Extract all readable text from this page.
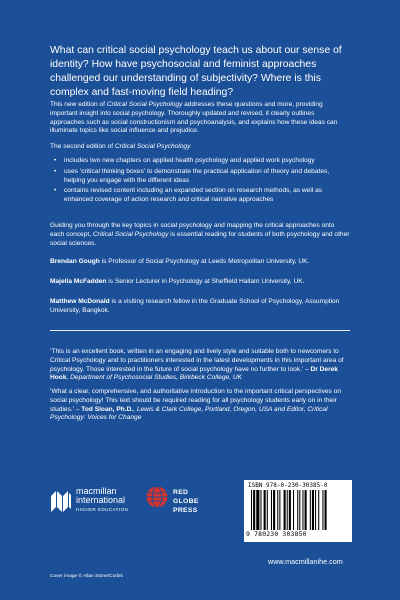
What can critical social psychology teach us about our sense of identity? How have psychosocial and feminist approaches challenged our understanding of subjectivity? Where is this complex and fast-moving field heading?
This new edition of Critical Social Psychology addresses these questions and more, providing important insight into social psychology. Thoroughly updated and revised, it clearly outlines approaches such as social constructionism and psychoanalysis, and explains how these ideas can illuminate topics like social influence and prejudice.
The second edition of Critical Social Psychology
• includes two new chapters on applied health psychology and applied work psychology
• uses ‘critical thinking boxes’ to demonstrate the practical application of theory and debates, helping you engage with the different ideas
• contains revised content including an expanded section on research methods, as well as enhanced coverage of action research and critical narrative approaches
Guiding you through the key topics in social psychology and mapping the critical approaches onto each concept, Critical Social Psychology is essential reading for students of both psychology and other social sciences.
Brendan Gough is Professor of Social Psychology at Leeds Metropolitan University, UK.
Majella McFadden is Senior Lecturer in Psychology at Sheffield Hallam University, UK.
Matthew McDonald is a visiting research fellow in the Graduate School of Psychology, Assumption University, Bangkok.
‘This is an excellent book, written in an engaging and lively style and suitable both to newcomers to Critical Psychology and to practitioners interested in the latest developments in this important area of psychology. Those interested in the future of social psychology have no further to look.’ – Dr Derek Hook, Department of Psychosocial Studies, Birkbeck College, UK
‘What a clear, comprehensive, and authoritative introduction to the important critical perspectives on social psychology! This text should be required reading for all psychology students early on in their studies.’ – Tod Sloan, Ph.D., Lewis & Clark College, Portland, Oregon, USA and Editor, Critical Psychology: Voices for Change
macmillan
international
HIGHER EDUCATION
RED GLOBE
PRESS
ISBN 978-0-230-30385-0
9 780230 303850
www.macmillanihe.com
Cover image © Allan Stone/Corbis
